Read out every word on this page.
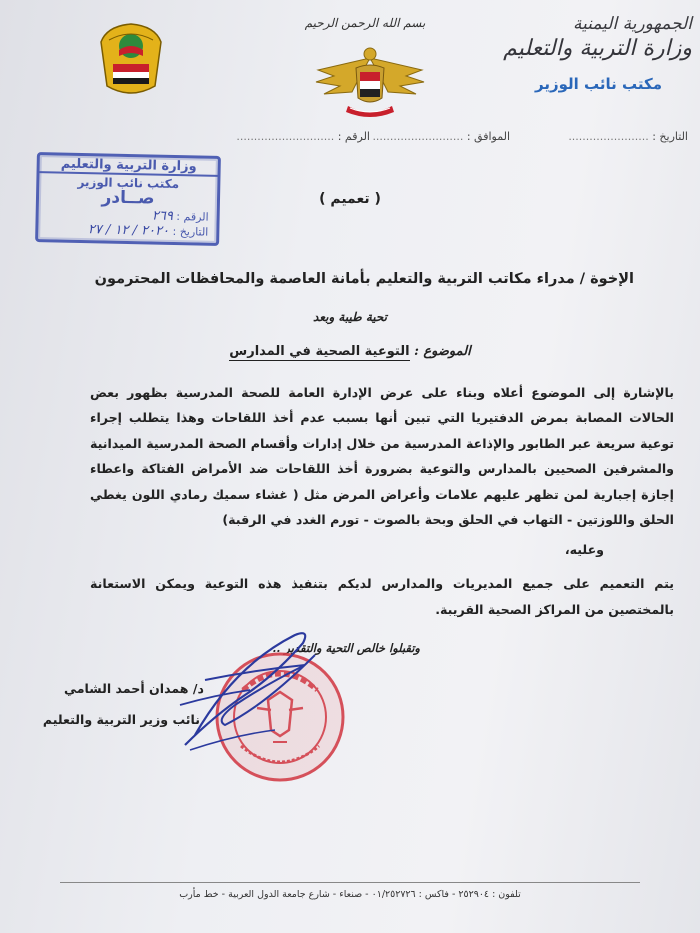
الجمهورية اليمنية
وزارة التربية والتعليم
مكتب نائب الوزير
بسم الله الرحمن الرحيم
التاريخ : .......................
الموافق : ..........................
الرقم : ............................
وزارة التربية والتعليم
مكتب نائب الوزير
صــادر
الرقم : ٢٦٩
التاريخ : ٢٠٢٠ / ١٢ / ٢٧
( تعميم )
الإخوة / مدراء مكاتب التربية والتعليم بأمانة العاصمة والمحافظات المحترمون
تحية طيبة وبعد
الموضوع : التوعية الصحية في المدارس

بالإشارة إلى الموضوع أعلاه وبناء على عرض الإدارة العامة للصحة المدرسية بظهور بعض الحالات المصابة بمرض الدفتيريا التي تبين أنها بسبب عدم أخذ اللقاحات وهذا يتطلب إجراء توعية سريعة عبر الطابور والإذاعة المدرسية من خلال إدارات وأقسام الصحة المدرسية الميدانية والمشرفين الصحيين بالمدارس والتوعية بضرورة أخذ اللقاحات ضد الأمراض الفتاكة واعطاء إجازة إجبارية لمن تظهر عليهم علامات وأعراض المرض مثل ( غشاء سميك رمادي اللون يغطي الحلق واللوزتين - التهاب في الحلق وبحة بالصوت - تورم الغدد في الرقبة)

وعليه،
يتم التعميم على جميع المديريات والمدارس لديكم بتنفيذ هذه التوعية ويمكن الاستعانة بالمختصين من المراكز الصحية القريبة.
وتقبلوا خالص التحية والتقدير ..
د/ همدان أحمد الشامي
نائب وزير التربية والتعليم
تلفون : ٢٥٢٩٠٤ - فاكس : ٠١/٢٥٢٧٢٦ - صنعاء - شارع جامعة الدول العربية - خط مأرب
